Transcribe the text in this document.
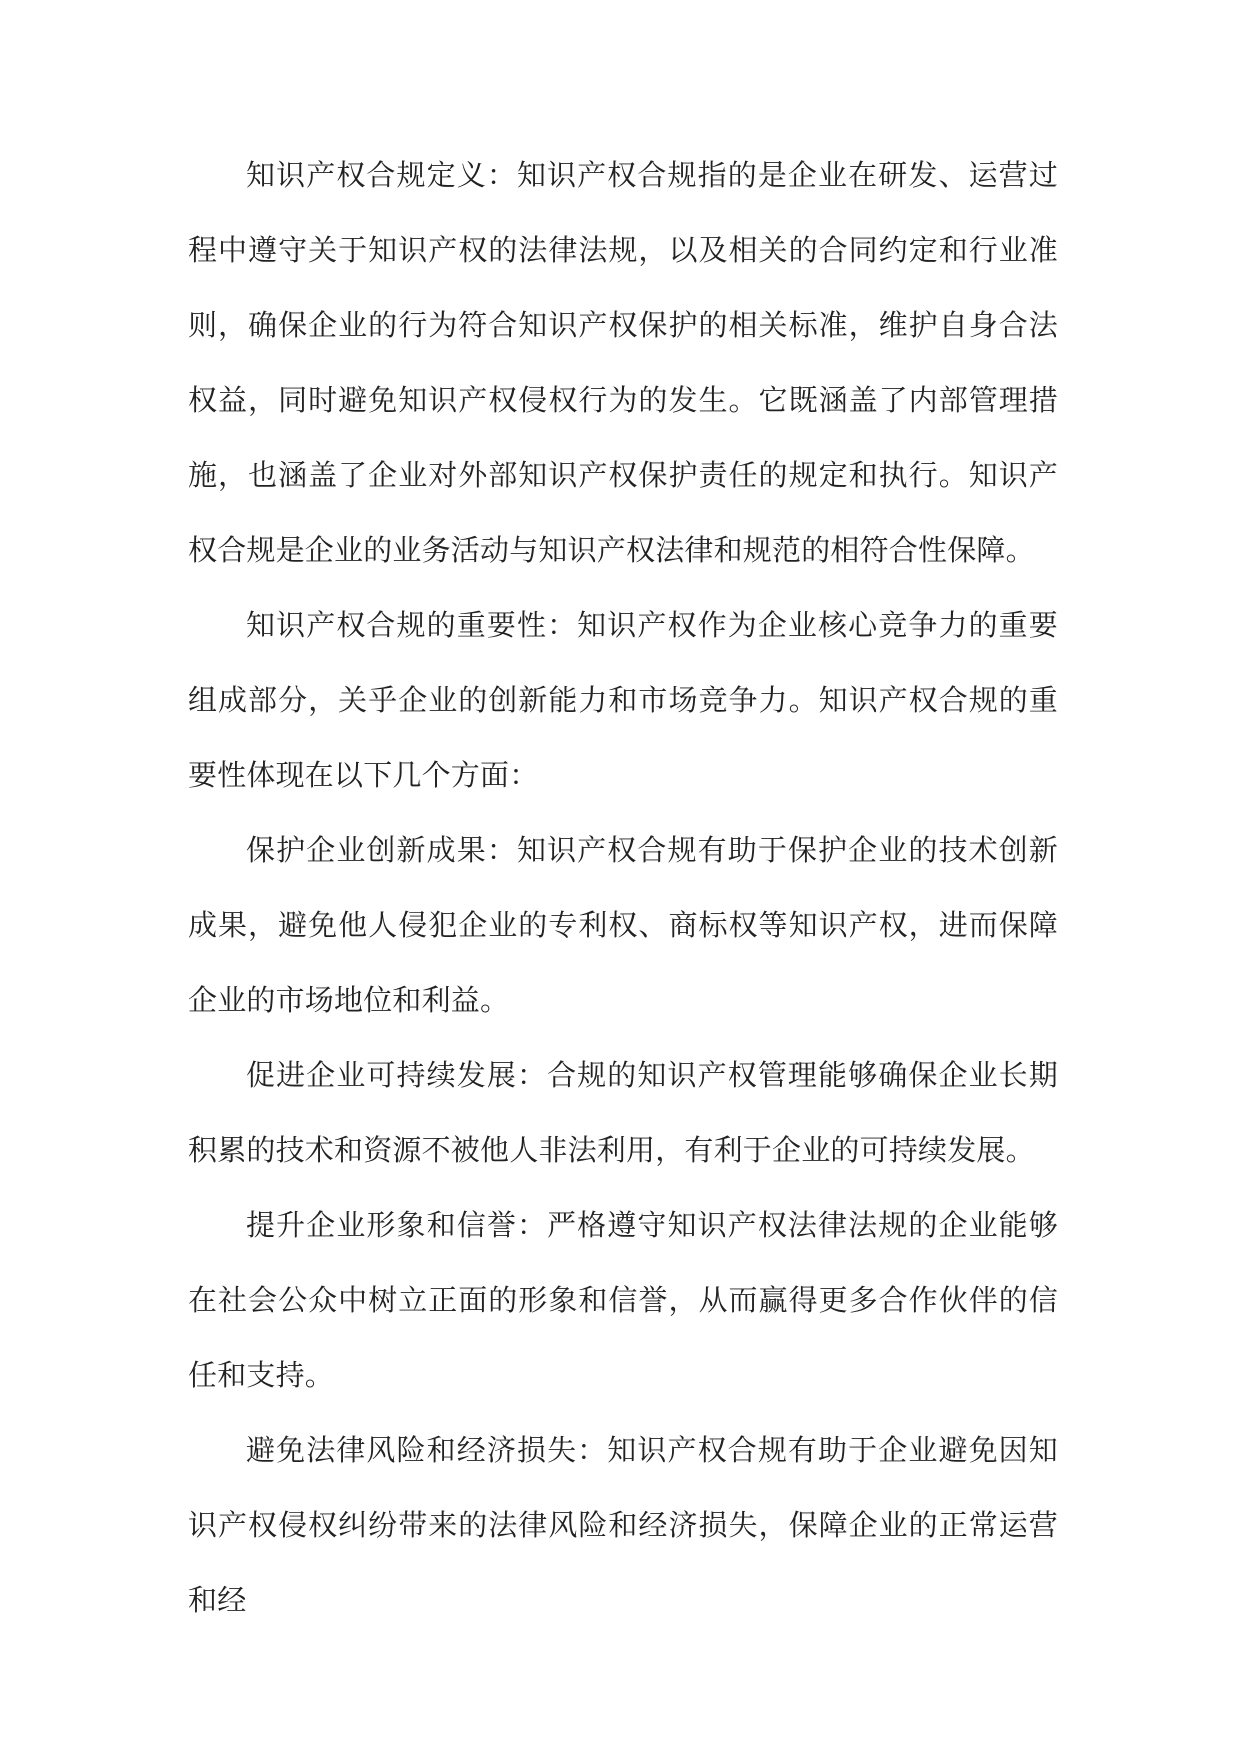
知识产权合规定义：知识产权合规指的是企业在研发、运营过程中遵守关于知识产权的法律法规，以及相关的合同约定和行业准则，确保企业的行为符合知识产权保护的相关标准，维护自身合法权益，同时避免知识产权侵权行为的发生。它既涵盖了内部管理措施，也涵盖了企业对外部知识产权保护责任的规定和执行。知识产权合规是企业的业务活动与知识产权法律和规范的相符合性保障。

知识产权合规的重要性：知识产权作为企业核心竞争力的重要组成部分，关乎企业的创新能力和市场竞争力。知识产权合规的重要性体现在以下几个方面：

保护企业创新成果：知识产权合规有助于保护企业的技术创新成果，避免他人侵犯企业的专利权、商标权等知识产权，进而保障企业的市场地位和利益。

促进企业可持续发展：合规的知识产权管理能够确保企业长期积累的技术和资源不被他人非法利用，有利于企业的可持续发展。

提升企业形象和信誉：严格遵守知识产权法律法规的企业能够在社会公众中树立正面的形象和信誉，从而赢得更多合作伙伴的信任和支持。

避免法律风险和经济损失：知识产权合规有助于企业避免因知识产权侵权纠纷带来的法律风险和经济损失，保障企业的正常运营和经
